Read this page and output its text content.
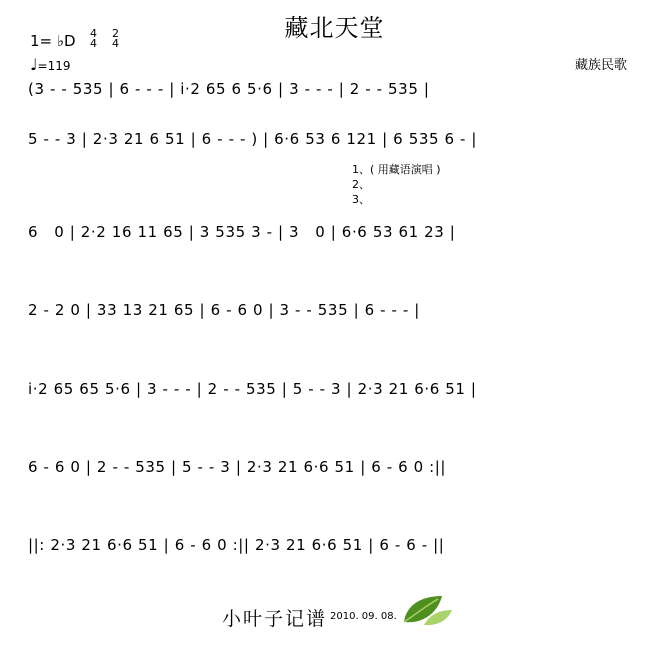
藏北天堂
1= ♭D 4
4
2
4
♩=119	藏族民歌
(3 - - 535 | 6 - - - | i·2 65 6 5·6 | 3 - - - | 2 - - 535 |
5 - - 3 | 2·3 21 6 51 | 6 - - - ) | 6·6 53 6 121 | 6 535 6 - |
6   0 | 2·2 16 11 65 | 3 535 3 - | 3   0 | 6·6 53 61 23 |
2 - 2 0 | 33 13 21 65 | 6 - 6 0 | 3 - - 535 | 6 - - - |
i·2 65 65 5·6 | 3 - - - | 2 - - 535 | 5 - - 3 | 2·3 21 6·6 51 |
6 - 6 0 | 2 - - 535 | 5 - - 3 | 2·3 21 6·6 51 | 6 - 6 0 :||
||: 2·3 21 6·6 51 | 6 - 6 0 :|| 2·3 21 6·6 51 | 6 - 6 - ||
1、( 用藏语演唱 )
2、
3、
小叶子记谱 2010. 09. 08.
